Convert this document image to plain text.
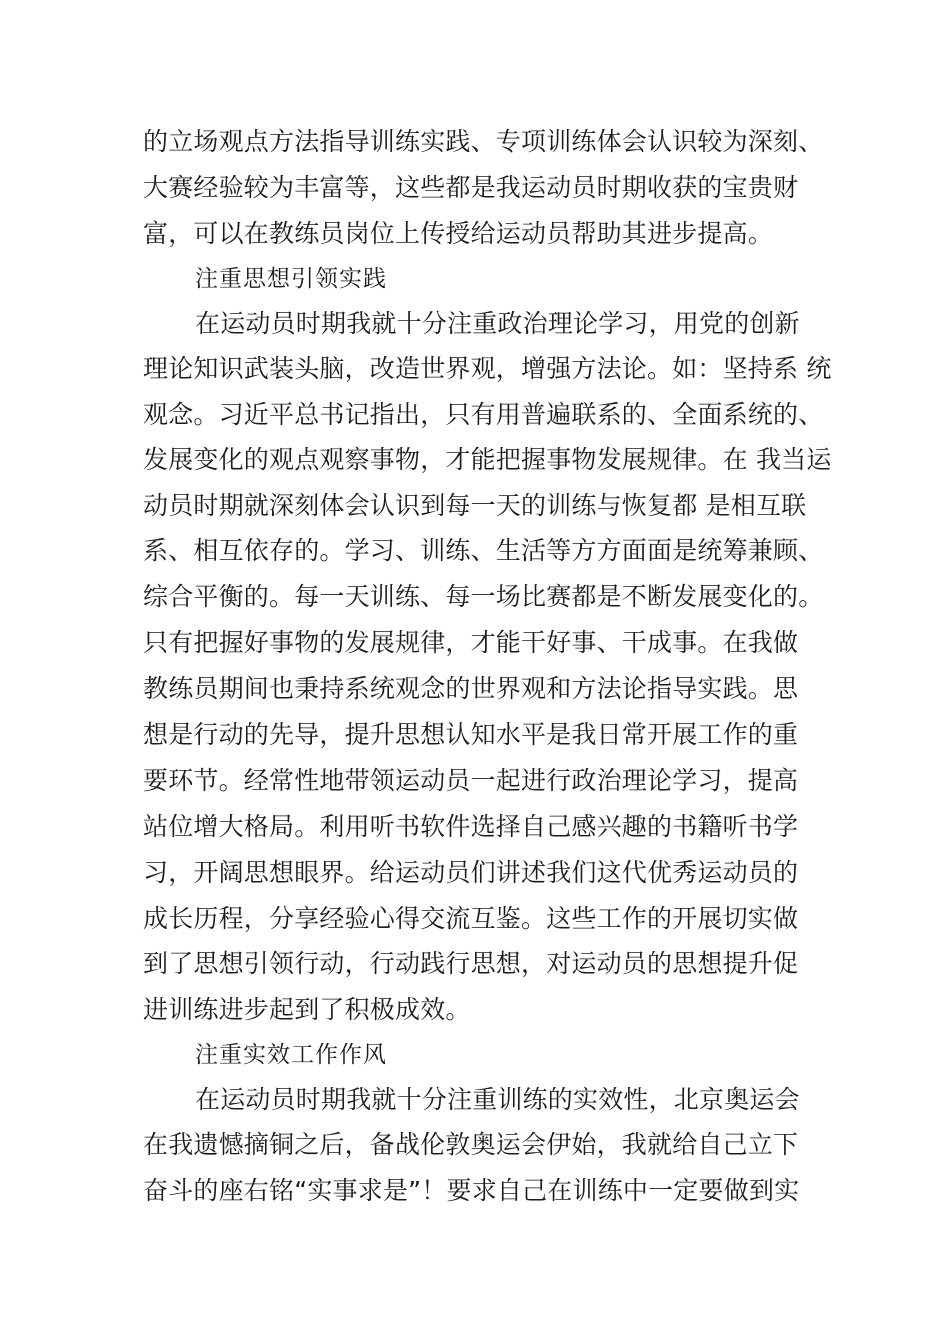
的立场观点方法指导训练实践、专项训练体会认识较为深刻、
大赛经验较为丰富等，这些都是我运动员时期收获的宝贵财
富，可以在教练员岗位上传授给运动员帮助其进步提高。
注重思想引领实践
在运动员时期我就十分注重政治理论学习，用党的创新
理论知识武装头脑，改造世界观，增强方法论。如：坚持系 统
观念。习近平总书记指出，只有用普遍联系的、全面系统的、
发展变化的观点观察事物，才能把握事物发展规律。在 我当运
动员时期就深刻体会认识到每一天的训练与恢复都 是相互联
系、相互依存的。学习、训练、生活等方方面面是统筹兼顾、
综合平衡的。每一天训练、每一场比赛都是不断发展变化的。
只有把握好事物的发展规律，才能干好事、干成事。在我做
教练员期间也秉持系统观念的世界观和方法论指导实践。思
想是行动的先导，提升思想认知水平是我日常开展工作的重
要环节。经常性地带领运动员一起进行政治理论学习，提高
站位增大格局。利用听书软件选择自己感兴趣的书籍听书学
习，开阔思想眼界。给运动员们讲述我们这代优秀运动员的
成长历程，分享经验心得交流互鉴。这些工作的开展切实做
到了思想引领行动，行动践行思想，对运动员的思想提升促
进训练进步起到了积极成效。
注重实效工作作风
在运动员时期我就十分注重训练的实效性，北京奥运会
在我遗憾摘铜之后，备战伦敦奥运会伊始，我就给自己立下
奋斗的座右铭“实事求是”！要求自己在训练中一定要做到实
